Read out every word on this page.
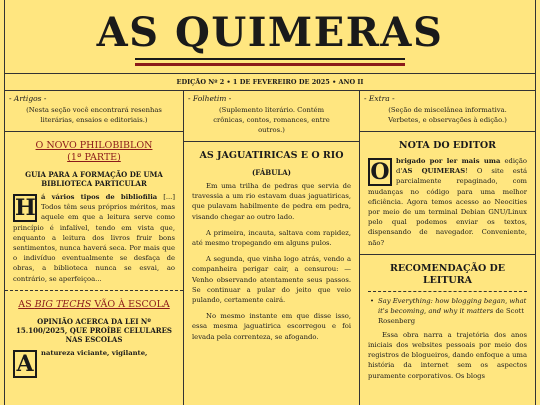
AS QUIMERAS
EDIÇÃO Nº 2 • 1 DE FEVEREIRO DE 2025 • ANO II
- Artigos -
(Nesta seção você encontrará resenhas literárias, ensaios e editoriais.)
O NOVO PHILOBIBLON
(1ª PARTE)
GUIA PARA A FORMAÇÃO DE UMA BIBLIOTECA PARTICULAR
H á vários tipos de bibliofilia [...] Todos têm seus próprios méritos, mas aquele em que a leitura serve como princípio é infalível, tendo em vista que, enquanto a leitura dos livros fruir bons sentimentos, nunca haverá seca. Por mais que o indivíduo eventualmente se desfaça de obras, a biblioteca nunca se esvai, ao contrário, se aperfeiçoa...

AS BIG TECHS VÃO À ESCOLA
OPINIÃO ACERCA DA LEI Nº 15.100/2025, QUE PROÍBE CELULARES NAS ESCOLAS
A	natureza viciante, vigilante,

- Folhetim -
(Suplemento literário. Contém crônicas, contos, romances, entre outros.)
AS JAGUATIRICAS E O RIO
(FÁBULA)

Em uma trilha de pedras que servia de travessia a um rio estavam duas jaguatiricas, que pulavam habilmente de pedra em pedra, visando chegar ao outro lado.

A primeira, incauta, saltava com rapidez, até mesmo tropegando em alguns pulos.

A segunda, que vinha logo atrás, vendo a companheira perigar cair, a censurou: — Venho observando atentamente seus passos. Se continuar a pular do jeito que veio pulando, certamente cairá.

No mesmo instante em que disse isso, essa mesma jaguatirica escorregou e foi levada pela correnteza, se afogando.

- Extra -
(Seção de miscelânea informativa. Verbetes, e observações à edição.)
NOTA DO EDITOR
O brigado por ler mais uma edição d'AS QUIMERAS! O site está parcialmente repaginado, com mudanças no código para uma melhor eficiência. Agora temos acesso ao Neocities por meio de um terminal Debian GNU/Linux pelo qual podemos enviar os textos, dispensando de navegador. Conveniente, não?

RECOMENDAÇÃO DE LEITURA
• Say Everything: how blogging began, what it's becoming, and why it matters de Scott Rosenberg

Essa obra narra a trajetória dos anos iniciais dos websites pessoais por meio dos registros de blogueiros, dando enfoque a uma história da internet sem os aspectos puramente corporativos. Os blogs
